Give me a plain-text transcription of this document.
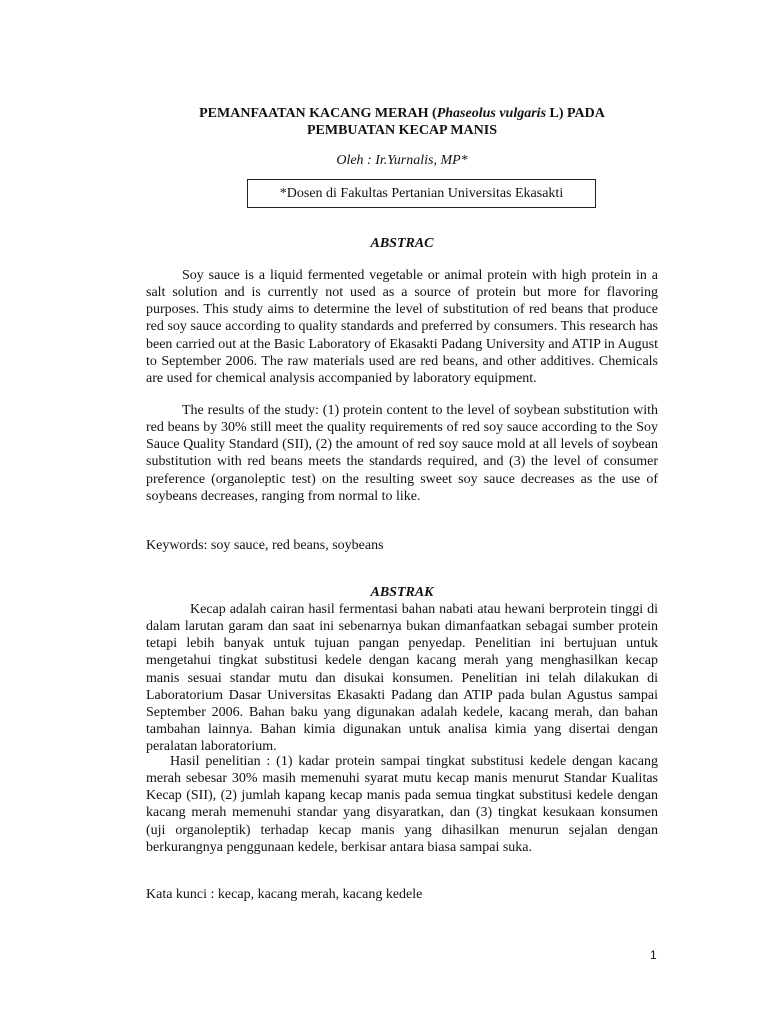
PEMANFAATAN KACANG MERAH (Phaseolus vulgaris L) PADA
PEMBUATAN KECAP MANIS
Oleh : Ir.Yurnalis, MP*
*Dosen di Fakultas Pertanian Universitas Ekasakti
ABSTRAC
Soy sauce is a liquid fermented vegetable or animal protein with high protein in a salt solution and is currently not used as a source of protein but more for flavoring purposes. This study aims to determine the level of substitution of red beans that produce red soy sauce according to quality standards and preferred by consumers. This research has been carried out at the Basic Laboratory of Ekasakti Padang University and ATIP in August to September 2006. The raw materials used are red beans, and other additives. Chemicals are used for chemical analysis accompanied by laboratory equipment.
The results of the study: (1) protein content to the level of soybean substitution with red beans by 30% still meet the quality requirements of red soy sauce according to the Soy Sauce Quality Standard (SII), (2) the amount of red soy sauce mold at all levels of soybean substitution with red beans meets the standards required, and (3) the level of consumer preference (organoleptic test) on the resulting sweet soy sauce decreases as the use of soybeans decreases, ranging from normal to like.
Keywords: soy sauce, red beans, soybeans
ABSTRAK
Kecap adalah cairan hasil fermentasi bahan nabati atau hewani berprotein tinggi di dalam larutan garam dan saat ini sebenarnya bukan dimanfaatkan sebagai sumber protein tetapi lebih banyak untuk tujuan pangan penyedap. Penelitian ini bertujuan untuk mengetahui tingkat substitusi kedele dengan kacang merah yang menghasilkan kecap manis sesuai standar mutu dan disukai konsumen. Penelitian ini telah dilakukan di Laboratorium Dasar Universitas Ekasakti Padang dan ATIP pada bulan Agustus sampai September 2006. Bahan baku yang digunakan adalah kedele, kacang merah, dan bahan tambahan lainnya. Bahan kimia digunakan untuk analisa kimia yang disertai dengan peralatan laboratorium.
Hasil penelitian : (1) kadar protein sampai tingkat substitusi kedele dengan kacang merah sebesar 30% masih memenuhi syarat mutu kecap manis menurut Standar Kualitas Kecap (SII), (2) jumlah kapang kecap manis pada semua tingkat substitusi kedele dengan kacang merah memenuhi standar yang disyaratkan, dan (3) tingkat kesukaan konsumen (uji organoleptik) terhadap kecap manis yang dihasilkan menurun sejalan dengan berkurangnya penggunaan kedele, berkisar antara biasa sampai suka.
Kata kunci : kecap, kacang merah, kacang kedele
1
